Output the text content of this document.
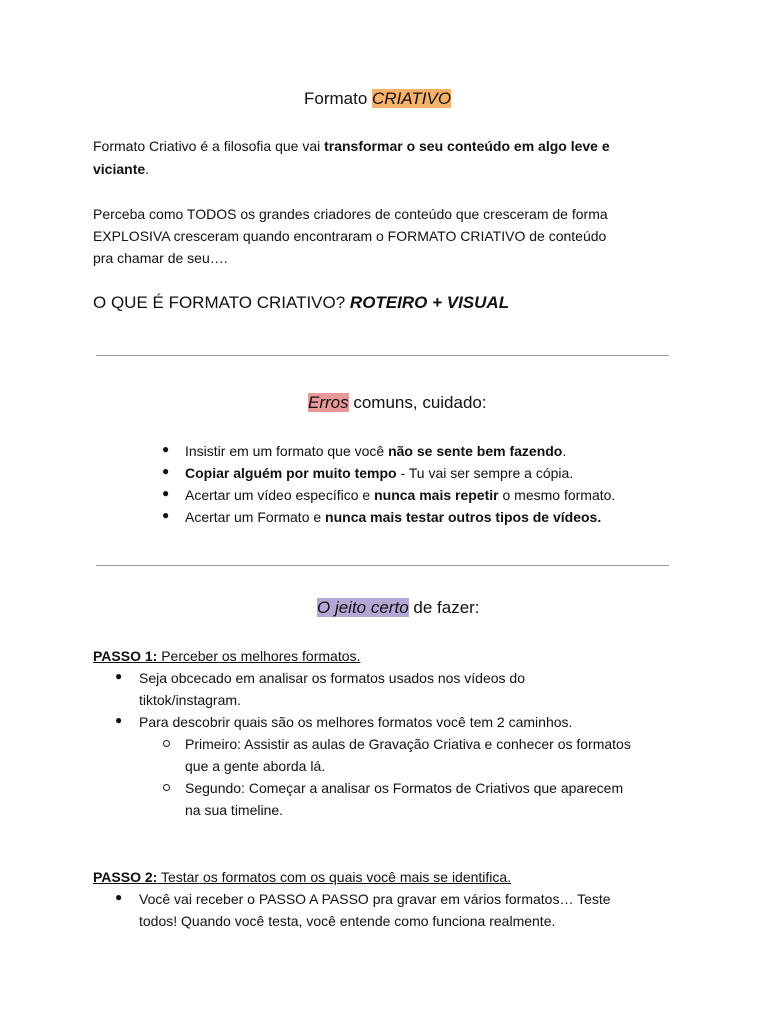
Formato CRIATIVO
Formato Criativo é a filosofia que vai transformar o seu conteúdo em algo leve e
viciante.
Perceba como TODOS os grandes criadores de conteúdo que cresceram de forma
EXPLOSIVA cresceram quando encontraram o FORMATO CRIATIVO de conteúdo
pra chamar de seu….
O QUE É FORMATO CRIATIVO? ROTEIRO + VISUAL
Erros comuns, cuidado:
● Insistir em um formato que você não se sente bem fazendo.
● Copiar alguém por muito tempo - Tu vai ser sempre a cópia.
● Acertar um vídeo específico e nunca mais repetir o mesmo formato.
● Acertar um Formato e nunca mais testar outros tipos de vídeos.
O jeito certo de fazer:
PASSO 1: Perceber os melhores formatos.
● Seja obcecado em analisar os formatos usados nos vídeos do
tiktok/instagram.
● Para descobrir quais são os melhores formatos você tem 2 caminhos.
Primeiro: Assistir as aulas de Gravação Criativa e conhecer os formatos
que a gente aborda lá.
Segundo: Começar a analisar os Formatos de Criativos que aparecem
na sua timeline.
PASSO 2: Testar os formatos com os quais você mais se identifica.
● Você vai receber o PASSO A PASSO pra gravar em vários formatos… Teste
todos! Quando você testa, você entende como funciona realmente.
